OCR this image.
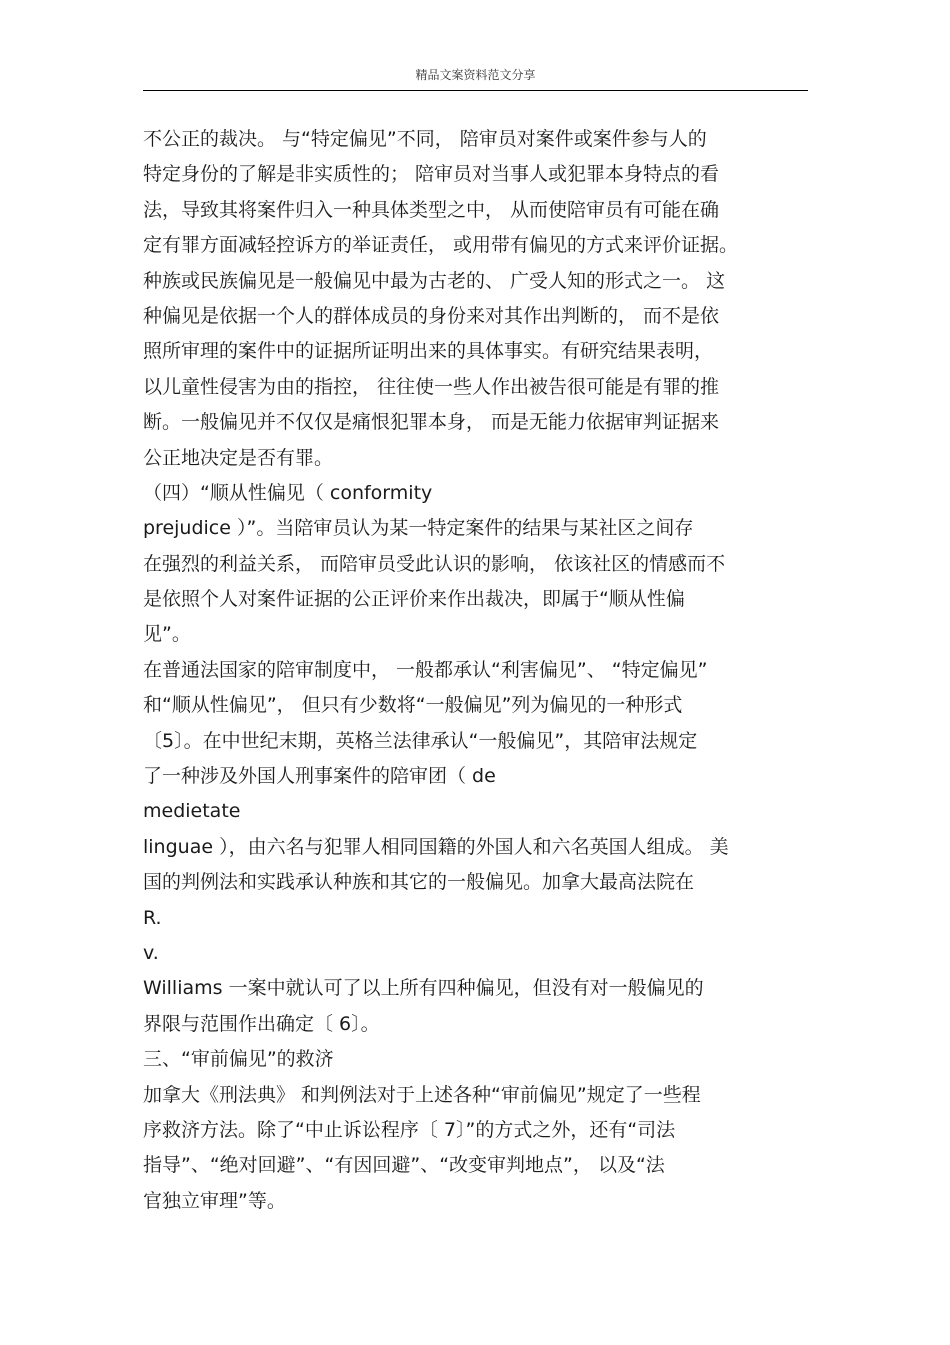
精品文案资料范文分享
不公正的裁决。 与“特定偏见”不同， 陪审员对案件或案件参与人的
特定身份的了解是非实质性的； 陪审员对当事人或犯罪本身特点的看
法，导致其将案件归入一种具体类型之中， 从而使陪审员有可能在确
定有罪方面减轻控诉方的举证责任， 或用带有偏见的方式来评价证据。
种族或民族偏见是一般偏见中最为古老的、 广受人知的形式之一。 这
种偏见是依据一个人的群体成员的身份来对其作出判断的， 而不是依
照所审理的案件中的证据所证明出来的具体事实。有研究结果表明，
以儿童性侵害为由的指控， 往往使一些人作出被告很可能是有罪的推
断。一般偏见并不仅仅是痛恨犯罪本身， 而是无能力依据审判证据来
公正地决定是否有罪。
（四）“顺从性偏见（ conformity
prejudice ）”。当陪审员认为某一特定案件的结果与某社区之间存
在强烈的利益关系， 而陪审员受此认识的影响， 依该社区的情感而不
是依照个人对案件证据的公正评价来作出裁决，即属于“顺从性偏
见”。
在普通法国家的陪审制度中， 一般都承认“利害偏见”、 “特定偏见”
和“顺从性偏见”， 但只有少数将“一般偏见”列为偏见的一种形式
〔5〕。在中世纪末期，英格兰法律承认“一般偏见”，其陪审法规定
了一种涉及外国人刑事案件的陪审团（ de
medietate
linguae ），由六名与犯罪人相同国籍的外国人和六名英国人组成。 美
国的判例法和实践承认种族和其它的一般偏见。加拿大最高法院在
R.
v.
Williams 一案中就认可了以上所有四种偏见，但没有对一般偏见的
界限与范围作出确定〔 6〕。
三、“审前偏见”的救济
加拿大《刑法典》 和判例法对于上述各种“审前偏见”规定了一些程
序救济方法。除了“中止诉讼程序〔 7〕”的方式之外，还有“司法
指导”、“绝对回避”、“有因回避”、“改变审判地点”， 以及“法
官独立审理”等。
